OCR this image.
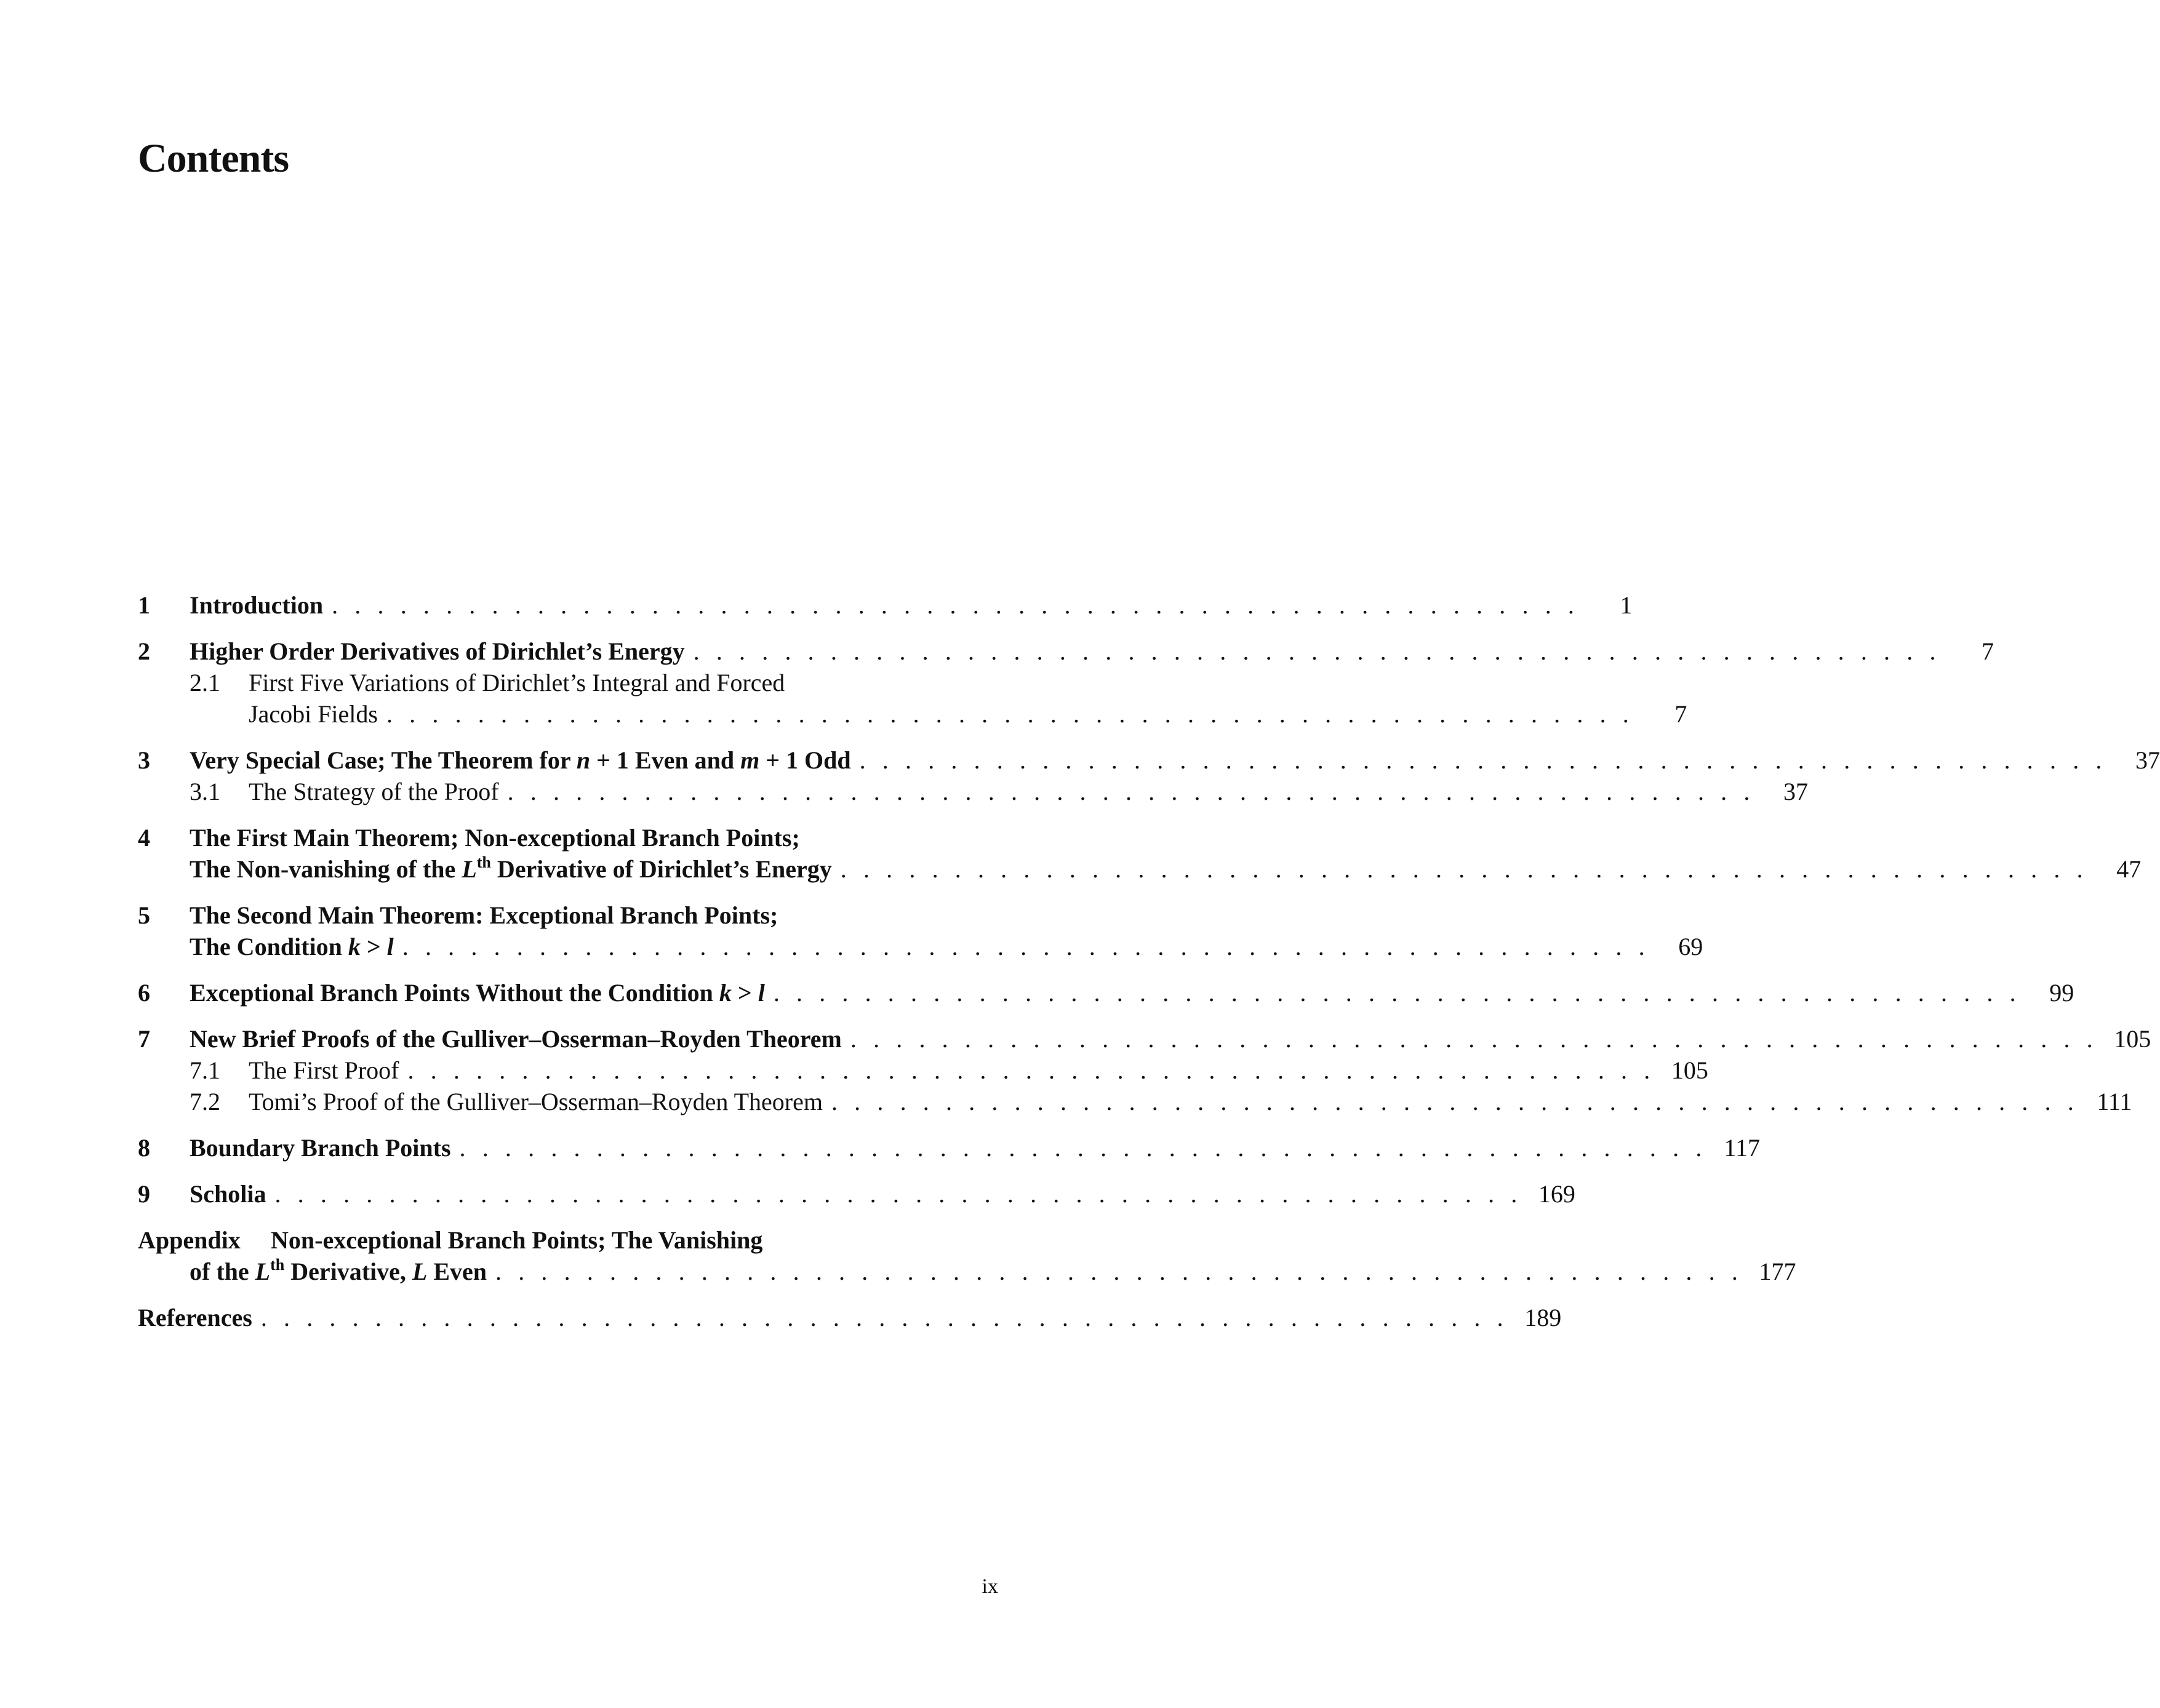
Contents
1 Introduction . . . . . . . . . . . . . . . . . . . . . . . . . . . . . . . . . . . . . . . . . . . . . . . . . . . . . . .	1
2 Higher Order Derivatives of Dirichlet’s Energy . . . . . . . . . . . . . . . . . . . . . . . . . . . . . . . . . . . . . . . . . . . . . . . . . . . . . . .	7
2.1 First Five Variations of Dirichlet’s Integral and Forced
Jacobi Fields . . . . . . . . . . . . . . . . . . . . . . . . . . . . . . . . . . . . . . . . . . . . . . . . . . . . . . .	7
3 Very Special Case; The Theorem for n + 1 Even and m + 1 Odd . . . . . . . . . . . . . . . . . . . . . . . . . . . . . . . . . . . . . . . . . . . . . . . . . . . . . . .	37
3.1 The Strategy of the Proof . . . . . . . . . . . . . . . . . . . . . . . . . . . . . . . . . . . . . . . . . . . . . . . . . . . . . . .	37
4 The First Main Theorem; Non-exceptional Branch Points;
The Non-vanishing of the Lth Derivative of Dirichlet’s Energy . . . . . . . . . . . . . . . . . . . . . . . . . . . . . . . . . . . . . . . . . . . . . . . . . . . . . . .	47
5 The Second Main Theorem: Exceptional Branch Points;
The Condition k > l . . . . . . . . . . . . . . . . . . . . . . . . . . . . . . . . . . . . . . . . . . . . . . . . . . . . . . .	69
6 Exceptional Branch Points Without the Condition k > l . . . . . . . . . . . . . . . . . . . . . . . . . . . . . . . . . . . . . . . . . . . . . . . . . . . . . . .	99
7 New Brief Proofs of the Gulliver–Osserman–Royden Theorem . . . . . . . . . . . . . . . . . . . . . . . . . . . . . . . . . . . . . . . . . . . . . . . . . . . . . . . 105
7.1 The First Proof . . . . . . . . . . . . . . . . . . . . . . . . . . . . . . . . . . . . . . . . . . . . . . . . . . . . . . . 105
7.2 Tomi’s Proof of the Gulliver–Osserman–Royden Theorem . . . . . . . . . . . . . . . . . . . . . . . . . . . . . . . . . . . . . . . . . . . . . . . . . . . . . . . 111
8 Boundary Branch Points . . . . . . . . . . . . . . . . . . . . . . . . . . . . . . . . . . . . . . . . . . . . . . . . . . . . . . . 117
9 Scholia . . . . . . . . . . . . . . . . . . . . . . . . . . . . . . . . . . . . . . . . . . . . . . . . . . . . . . . 169
Appendix Non-exceptional Branch Points; The Vanishing
of the Lth Derivative, L Even . . . . . . . . . . . . . . . . . . . . . . . . . . . . . . . . . . . . . . . . . . . . . . . . . . . . . . . 177
References . . . . . . . . . . . . . . . . . . . . . . . . . . . . . . . . . . . . . . . . . . . . . . . . . . . . . . . 189
ix
